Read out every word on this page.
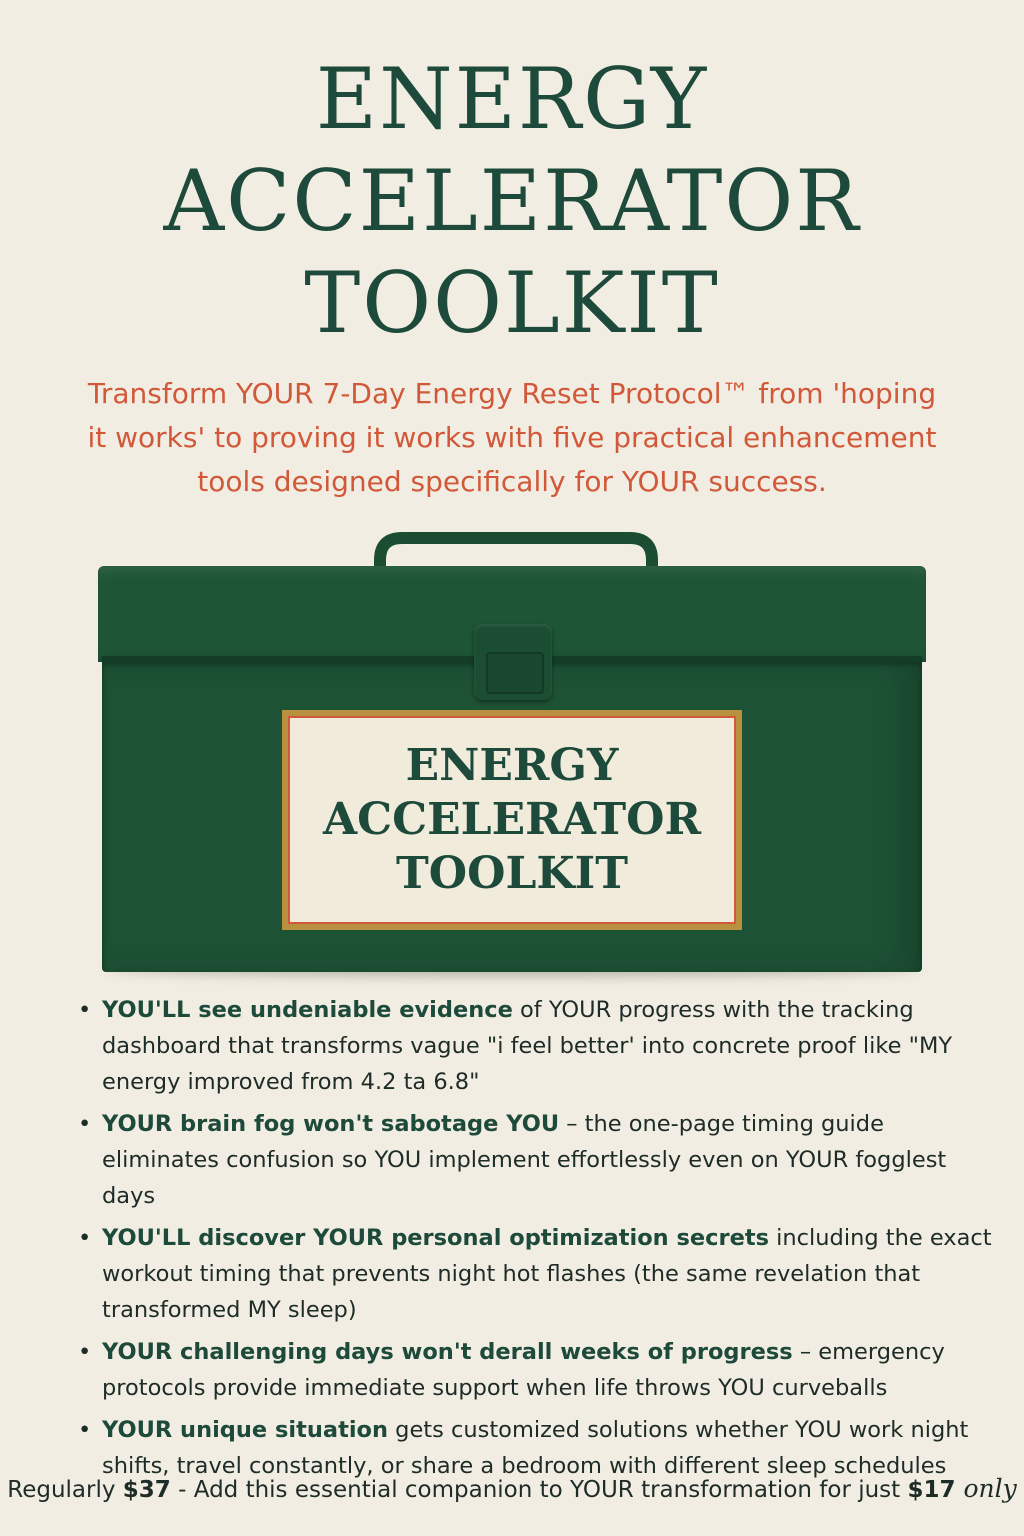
ENERGY
ACCELERATOR
TOOLKIT
Transform YOUR 7-Day Energy Reset Protocol™ from 'hoping
it works' to proving it works with five practical enhancement
tools designed specifically for YOUR success.
ENERGY
ACCELERATOR
TOOLKIT
• YOU'LL see undeniable evidence of YOUR progress with the tracking dashboard that transforms vague "i feel better' into concrete proof like "MY energy improved from 4.2 ta 6.8"
• YOUR brain fog won't sabotage YOU – the one-page timing guide eliminates confusion so YOU implement effortlessly even on YOUR fogglest days
• YOU'LL discover YOUR personal optimization secrets including the exact workout timing that prevents night hot flashes (the same revelation that transformed MY sleep)
• YOUR challenging days won't derall weeks of progress – emergency protocols provide immediate support when life throws YOU curveballs
• YOUR unique situation gets customized solutions whether YOU work night shifts, travel constantly, or share a bedroom with different sleep schedules
Regularly $37 - Add this essential companion to YOUR transformation for just $17 only
